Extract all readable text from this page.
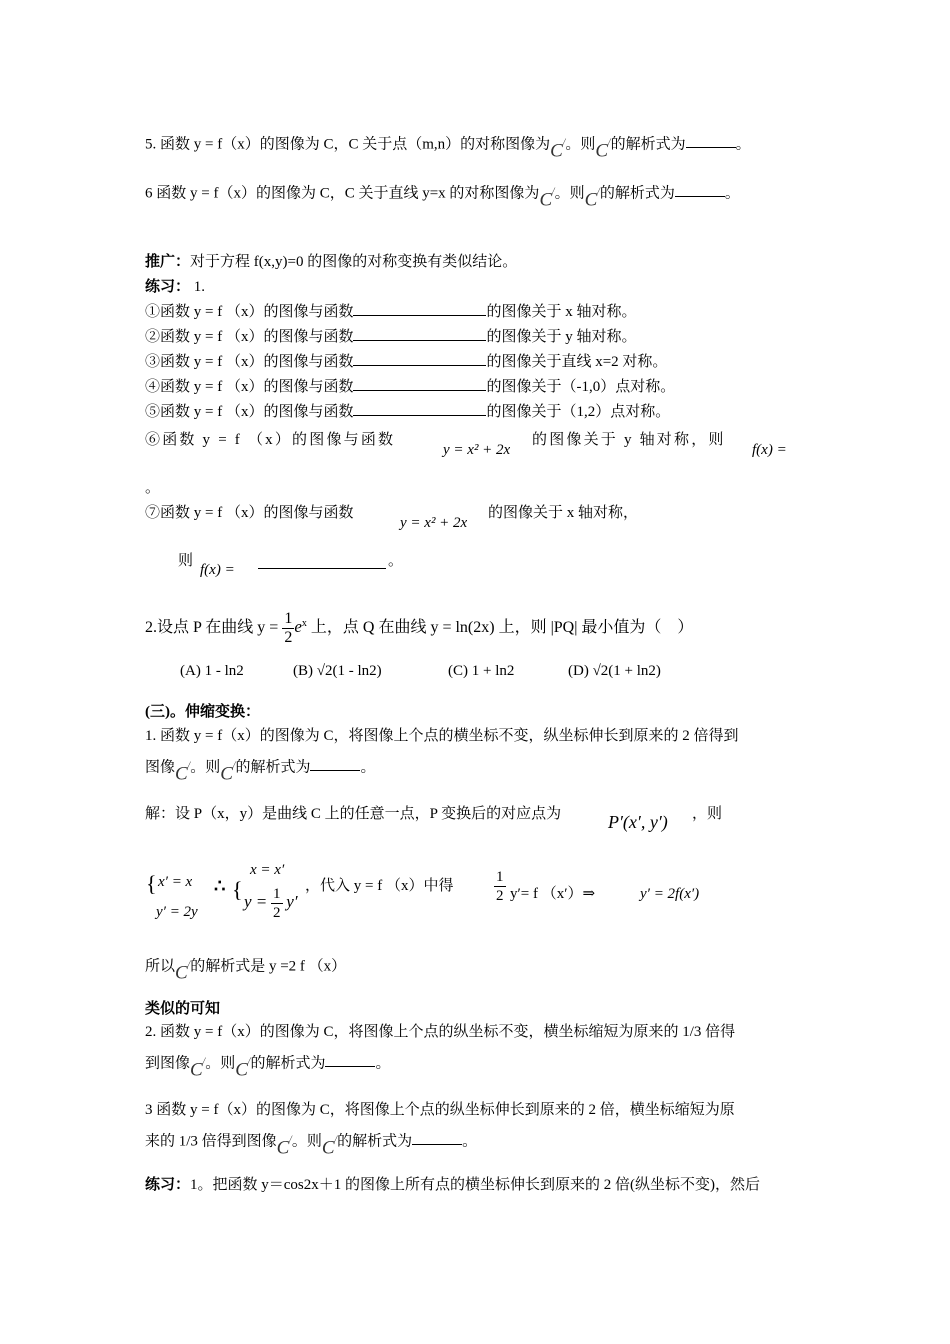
5. 函数 y = f（x）的图像为 C，C 关于点（m,n）的对称图像为C/。则C/的解析式为	。
6 函数 y = f（x）的图像为 C，C 关于直线 y=x 的对称图像为C/。则C/的解析式为	。
推广：对于方程 f(x,y)=0 的图像的对称变换有类似结论。
练习： 1.
①函数 y = f （x）的图像与函数	的图像关于 x 轴对称。
②函数 y = f （x）的图像与函数	的图像关于 y 轴对称。
③函数 y = f （x）的图像与函数	的图像关于直线 x=2 对称。
④函数 y = f （x）的图像与函数	的图像关于（-1,0）点对称。
⑤函数 y = f （x）的图像与函数	的图像关于（1,2）点对称。
⑥函数 y = f （x）的图像与函数
y = x² + 2x
的图像关于 y 轴对称，则
f(x) =
。
⑦函数 y = f （x）的图像与函数
y = x² + 2x
的图像关于 x 轴对称，
则
f(x) =
。
2.设点 P 在曲线 $y = \frac{1}{2} e^x$ 上，点 Q 在曲线 y = ln(2x) 上，则 |PQ| 最小值为（　）
(A) 1 - ln2	(B) √2(1 - ln2)	(C) 1 + ln2	(D) √2(1 + ln2)
(三)。伸缩变换：
1. 函数 y = f（x）的图像为 C，将图像上个点的横坐标不变，纵坐标伸长到原来的 2 倍得到
图像C/。则C/的解析式为	。
解：设 P（x，y）是曲线 C 上的任意一点，P 变换后的对应点为	P′(x′, y′) ，则
{ x′ = x
y′ = 2y
∴ {
x = x′
$y = \frac{1}{2} y'$
，代入 y = f （x）中得	$\frac{1}{2} y'= f$ （x′）⇒	y′ = 2f(x′)
所以C/的解析式是 y =2 f （x）
类似的可知
2. 函数 y = f（x）的图像为 C，将图像上个点的纵坐标不变，横坐标缩短为原来的 1/3 倍得
到图像C/。则C/的解析式为	。
3 函数 y = f（x）的图像为 C，将图像上个点的纵坐标伸长到原来的 2 倍，横坐标缩短为原
来的 1/3 倍得到图像C/。则C/的解析式为	。
练习：1。把函数 y＝cos2x＋1 的图像上所有点的横坐标伸长到原来的 2 倍(纵坐标不变)，然后
